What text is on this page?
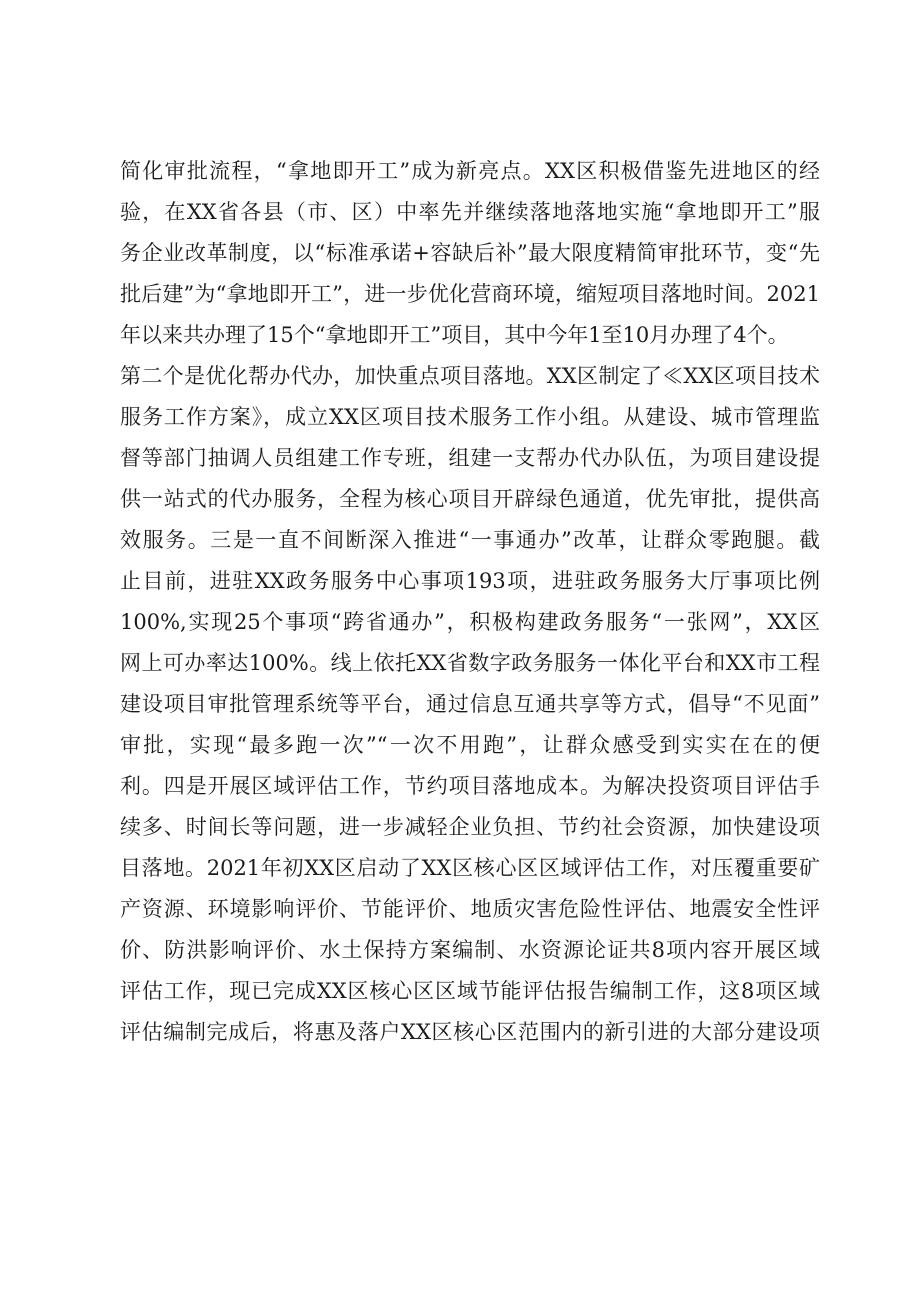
简化审批流程，“拿地即开工”成为新亮点。XX区积极借鉴先进地区的经
验，在XX省各县（市、区）中率先并继续落地落地实施“拿地即开工”服
务企业改革制度，以“标准承诺+容缺后补”最大限度精简审批环节，变“先
批后建”为“拿地即开工”，进一步优化营商环境，缩短项目落地时间。2021
年以来共办理了15个“拿地即开工”项目，其中今年1至10月办理了4个。
第二个是优化帮办代办，加快重点项目落地。XX区制定了≪XX区项目技术
服务工作方案》，成立XX区项目技术服务工作小组。从建设、城市管理监
督等部门抽调人员组建工作专班，组建一支帮办代办队伍，为项目建设提
供一站式的代办服务，全程为核心项目开辟绿色通道，优先审批，提供高
效服务。三是一直不间断深入推进“一事通办”改革，让群众零跑腿。截
止目前，进驻XX政务服务中心事项193项，进驻政务服务大厅事项比例
100%,实现25个事项“跨省通办”，积极构建政务服务“一张网”，XX区
网上可办率达100%。线上依托XX省数字政务服务一体化平台和XX市工程
建设项目审批管理系统等平台，通过信息互通共享等方式，倡导“不见面”
审批，实现“最多跑一次”“一次不用跑”，让群众感受到实实在在的便
利。四是开展区域评估工作，节约项目落地成本。为解决投资项目评估手
续多、时间长等问题，进一步减轻企业负担、节约社会资源，加快建设项
目落地。2021年初XX区启动了XX区核心区区域评估工作，对压覆重要矿
产资源、环境影响评价、节能评价、地质灾害危险性评估、地震安全性评
价、防洪影响评价、水土保持方案编制、水资源论证共8项内容开展区域
评估工作，现已完成XX区核心区区域节能评估报告编制工作，这8项区域
评估编制完成后，将惠及落户XX区核心区范围内的新引进的大部分建设项
